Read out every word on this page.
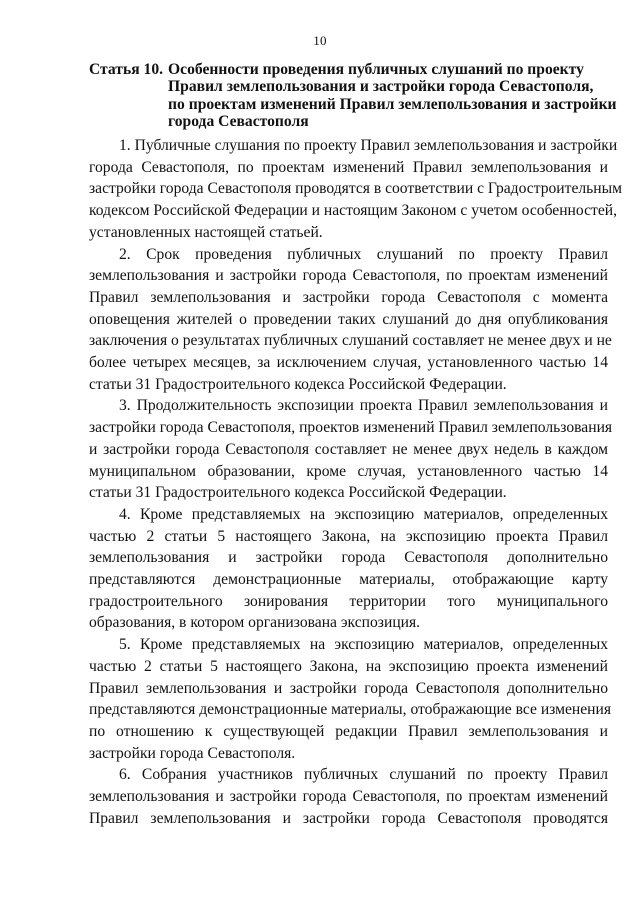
10
Статья 10. Особенности проведения публичных слушаний по проекту
Правил землепользования и застройки города Севастополя,
по проектам изменений Правил землепользования и застройки
города Севастополя
1. Публичные слушания по проекту Правил землепользования и застройки
города Севастополя, по проектам изменений Правил землепользования и
застройки города Севастополя проводятся в соответствии с Градостроительным
кодексом Российской Федерации и настоящим Законом с учетом особенностей,
установленных настоящей статьей.
2. Срок проведения публичных слушаний по проекту Правил
землепользования и застройки города Севастополя, по проектам изменений
Правил землепользования и застройки города Севастополя с момента
оповещения жителей о проведении таких слушаний до дня опубликования
заключения о результатах публичных слушаний составляет не менее двух и не
более четырех месяцев, за исключением случая, установленного частью 14
статьи 31 Градостроительного кодекса Российской Федерации.
3. Продолжительность экспозиции проекта Правил землепользования и
застройки города Севастополя, проектов изменений Правил землепользования
и застройки города Севастополя составляет не менее двух недель в каждом
муниципальном образовании, кроме случая, установленного частью 14
статьи 31 Градостроительного кодекса Российской Федерации.
4. Кроме представляемых на экспозицию материалов, определенных
частью 2 статьи 5 настоящего Закона, на экспозицию проекта Правил
землепользования и застройки города Севастополя дополнительно
представляются демонстрационные материалы, отображающие карту
градостроительного зонирования территории того муниципального
образования, в котором организована экспозиция.
5. Кроме представляемых на экспозицию материалов, определенных
частью 2 статьи 5 настоящего Закона, на экспозицию проекта изменений
Правил землепользования и застройки города Севастополя дополнительно
представляются демонстрационные материалы, отображающие все изменения
по отношению к существующей редакции Правил землепользования и
застройки города Севастополя.
6. Собрания участников публичных слушаний по проекту Правил
землепользования и застройки города Севастополя, по проектам изменений
Правил землепользования и застройки города Севастополя проводятся
